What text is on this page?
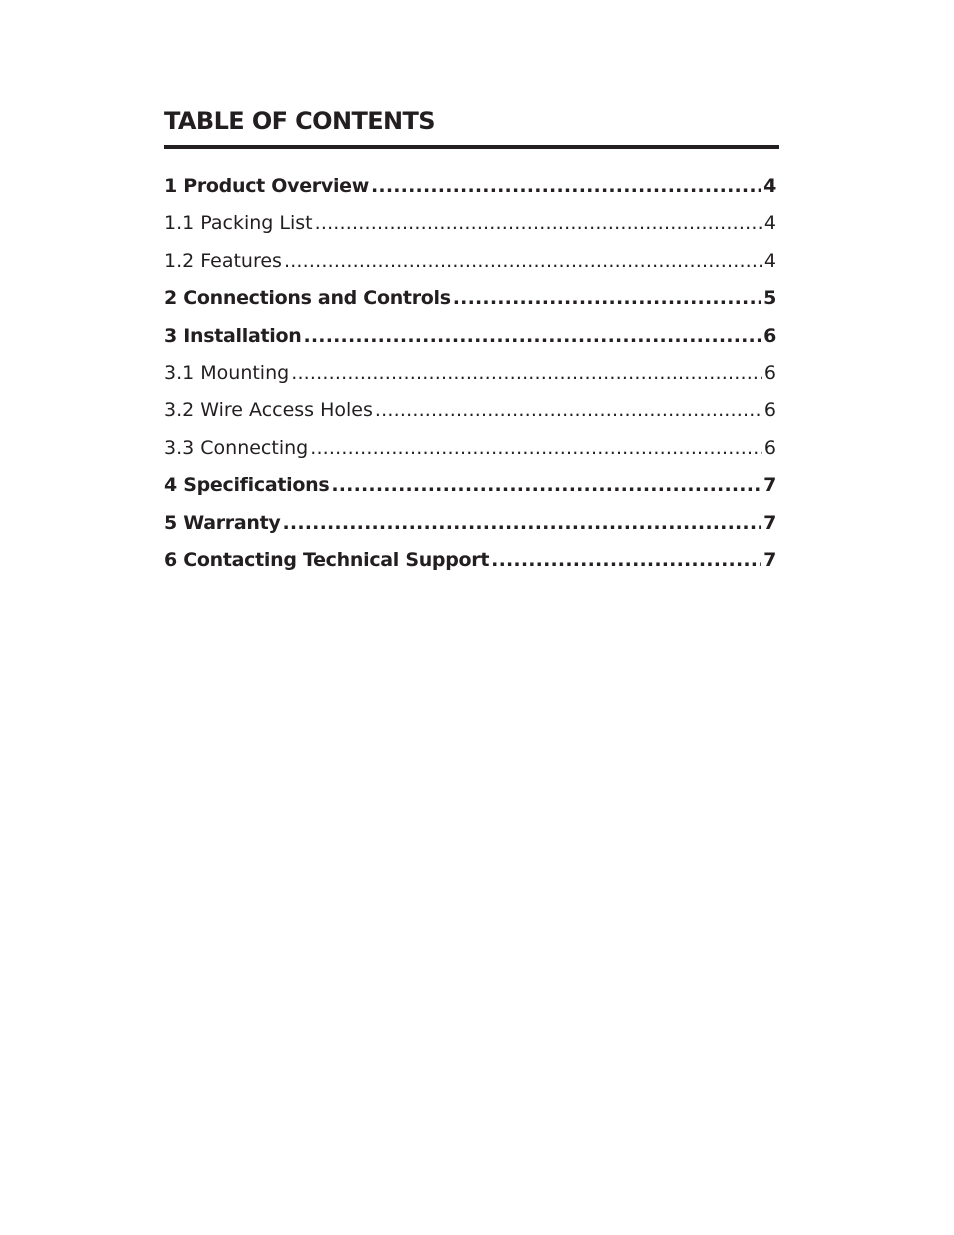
TABLE OF CONTENTS
1 Product Overview .....	4
1.1 Packing List .....	4
1.2 Features .....	4
2 Connections and Controls .....	5
3 Installation .....	6
3.1 Mounting .....	6
3.2 Wire Access Holes .....	6
3.3 Connecting .....	6
4 Specifications .....	7
5 Warranty .....	7
6 Contacting Technical Support .....	7
